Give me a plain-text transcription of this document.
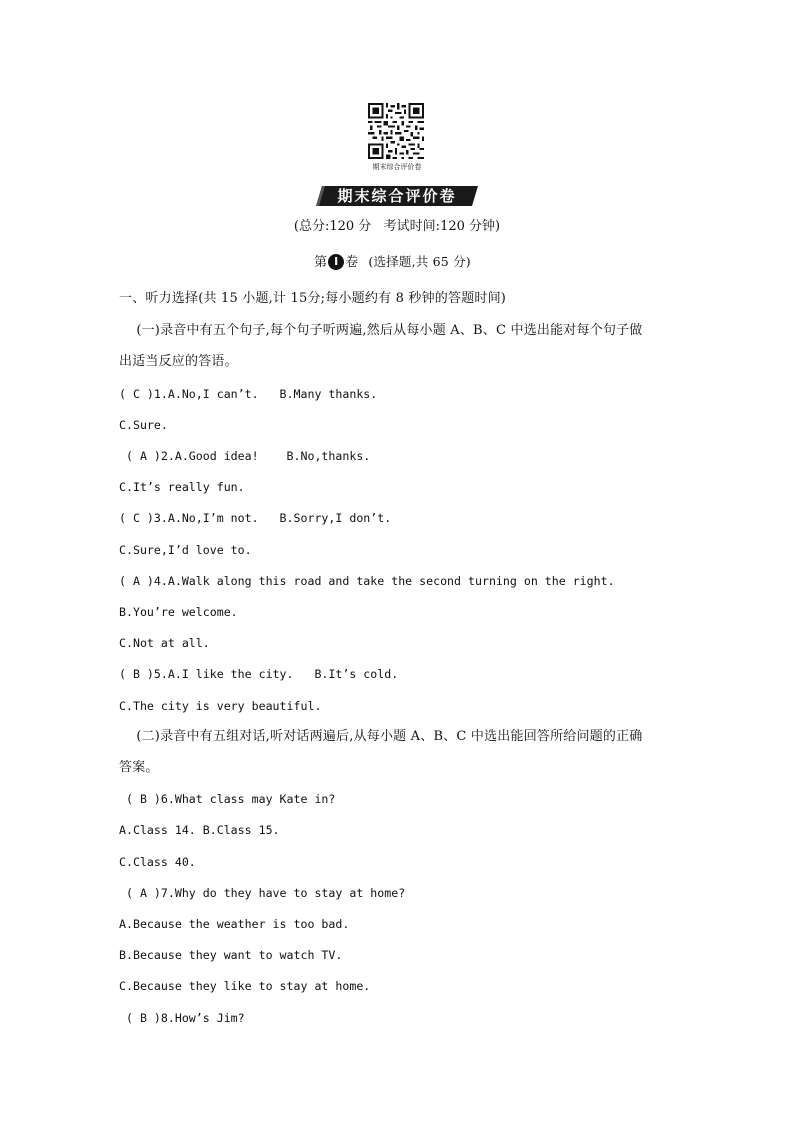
期末综合评价卷
期末综合评价卷
(总分:120 分   考试时间:120 分钟)
第 I 卷 (选择题,共 65 分)
一、听力选择(共 15 小题,计 15分;每小题约有 8 秒钟的答题时间)
(一)录音中有五个句子,每个句子听两遍,然后从每小题 A、B、C 中选出能对每个句子做
出适当反应的答语。
( C )1.A.No,I can’t.   B.Many thanks.
C.Sure.
( A )2.A.Good idea!    B.No,thanks.
C.It’s really fun.
( C )3.A.No,I’m not.   B.Sorry,I don’t.
C.Sure,I’d love to.
( A )4.A.Walk along this road and take the second turning on the right.
B.You’re welcome.
C.Not at all.
( B )5.A.I like the city.   B.It’s cold.
C.The city is very beautiful.
(二)录音中有五组对话,听对话两遍后,从每小题 A、B、C 中选出能回答所给问题的正确
答案。
( B )6.What class may Kate in?
A.Class 14. B.Class 15.
C.Class 40.
( A )7.Why do they have to stay at home?
A.Because the weather is too bad.
B.Because they want to watch TV.
C.Because they like to stay at home.
( B )8.How’s Jim?
